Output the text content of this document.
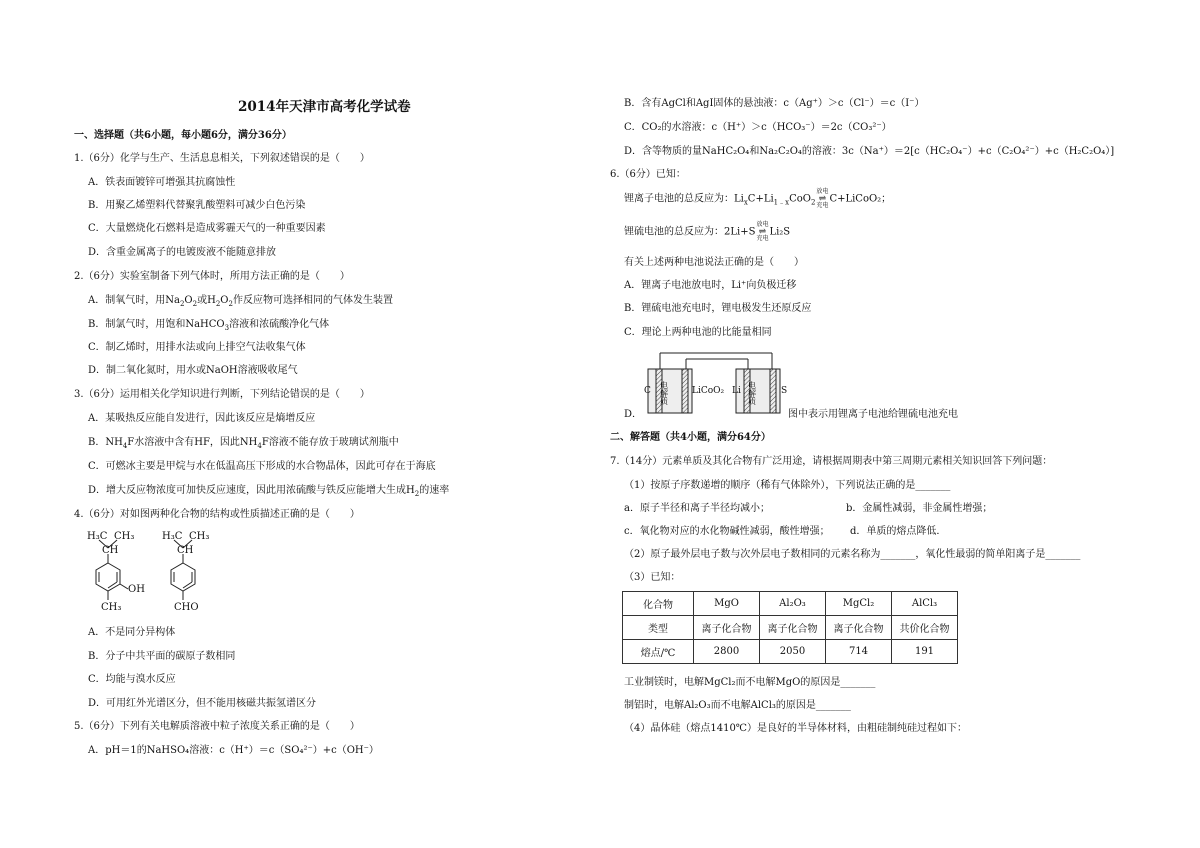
2014年天津市高考化学试卷
一、选择题（共6小题，每小题6分，满分36分）
1.（6分）化学与生产、生活息息相关，下列叙述错误的是（　　）
A．铁表面镀锌可增强其抗腐蚀性
B．用聚乙烯塑料代替聚乳酸塑料可减少白色污染
C．大量燃烧化石燃料是造成雾霾天气的一种重要因素
D．含重金属离子的电镀废液不能随意排放
2.（6分）实验室制备下列气体时，所用方法正确的是（　　）
A．制氧气时，用$Na_2O_2$或$H_2O_2$作反应物可选择相同的气体发生装置
B．制氯气时，用饱和NaHCO$_3$溶液和浓硫酸净化气体
C．制乙烯时，用排水法或向上排空气法收集气体
D．制二氧化氮时，用水或NaOH溶液吸收尾气
3.（6分）运用相关化学知识进行判断，下列结论错误的是（　　）
A．某吸热反应能自发进行，因此该反应是熵增反应
B．$NH_4F$水溶液中含有HF，因此$NH_4F$溶液不能存放于玻璃试剂瓶中
C．可燃冰主要是甲烷与水在低温高压下形成的水合物晶体，因此可存在于海底
D．增大反应物浓度可加快反应速度，因此用浓硫酸与铁反应能增大生成$H_2$的速率
4.（6分）对如图两种化合物的结构或性质描述正确的是（　　）
H₃C CH₃
CH
OH
CH₃
H₃C CH₃
CH
CHO
A．不是同分异构体
B．分子中共平面的碳原子数相同
C．均能与溴水反应
D．可用红外光谱区分，但不能用核磁共振氢谱区分
5.（6分）下列有关电解质溶液中粒子浓度关系正确的是（　　）
A．pH＝1的NaHSO₄溶液：c（H⁺）＝c（SO₄²⁻）+c（OH⁻）
B．含有AgCl和AgI固体的悬浊液：c（Ag⁺）＞c（Cl⁻）＝c（I⁻）
C．CO₂的水溶液：c（H⁺）＞c（HCO₃⁻）＝2c（CO₃²⁻）
D．含等物质的量NaHC₂O₄和Na₂C₂O₄的溶液：3c（Na⁺）＝2[c（HC₂O₄⁻）+c（C₂O₄²⁻）+c（H₂C₂O₄）]
6.（6分）已知：
锂离子电池的总反应为：$Li_xC+Li_{1﹣x}CoO_2$放电
⇌
充电C+LiCoO₂；
锂硫电池的总反应为：2Li+S放电
⇌
充电Li₂S
有关上述两种电池说法正确的是（　　）
A．锂离子电池放电时，Li⁺向负极迁移
B．锂硫电池充电时，锂电极发生还原反应
C．理论上两种电池的比能量相同
D．	图中表示用锂离子电池给锂硫电池充电
C	LiCoO₂ Li	S
电解质	电解质
二、解答题（共4小题，满分64分）
7.（14分）元素单质及其化合物有广泛用途，请根据周期表中第三周期元素相关知识回答下列问题：
（1）按原子序数递增的顺序（稀有气体除外），下列说法正确的是_______
a．原子半径和离子半径均减小；	b．金属性减弱，非金属性增强；
c．氧化物对应的水化物碱性减弱，酸性增强； d．单质的熔点降低．
（2）原子最外层电子数与次外层电子数相同的元素名称为_______，氧化性最弱的简单阳离子是_______
（3）已知：
化合物	MgO	Al₂O₃	MgCl₂	AlCl₃
类型	离子化合物	离子化合物	离子化合物	共价化合物
熔点/℃	2800	2050	714	191
工业制镁时，电解MgCl₂而不电解MgO的原因是_______
制铝时，电解Al₂O₃而不电解AlCl₃的原因是_______
（4）晶体硅（熔点1410℃）是良好的半导体材料，由粗硅制纯硅过程如下：
